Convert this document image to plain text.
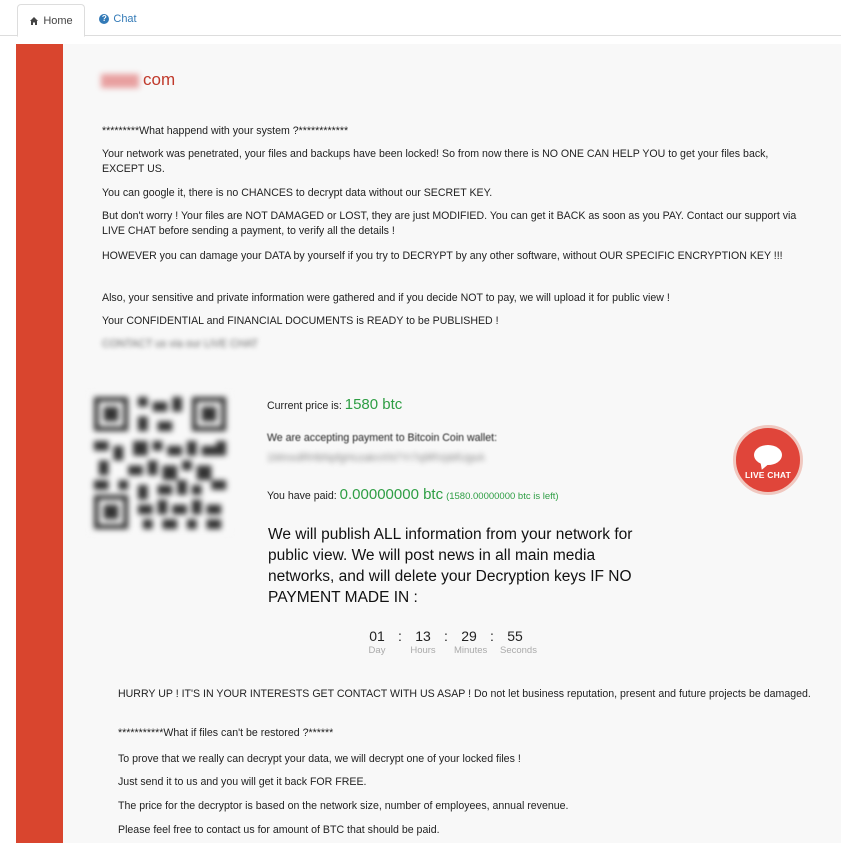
Home	? Chat
com
*********What happend with your system ?************
Your network was penetrated, your files and backups have been locked! So from now there is NO ONE CAN HELP YOU to get your files back, EXCEPT US.
You can google it, there is no CHANCES to decrypt data without our SECRET KEY.
But don't worry ! Your files are NOT DAMAGED or LOST, they are just MODIFIED. You can get it BACK as soon as you PAY. Contact our support via LIVE CHAT before sending a payment, to verify all the details !
HOWEVER you can damage your DATA by yourself if you try to DECRYPT by any other software, without OUR SPECIFIC ENCRYPTION KEY !!!
Also, your sensitive and private information were gathered and if you decide NOT to pay, we will upload it for public view !
Your CONFIDENTIAL and FINANCIAL DOCUMENTS is READY to be PUBLISHED !
CONTACT us via our LIVE CHAT
Current price is: 1580 btc
We are accepting payment to Bitcoin Coin wallet:
1MmxdRHbNpfgHczaknXN7Yr7q9RVpbfUgsA
You have paid: 0.00000000 btc (1580.00000000 btc is left)
We will publish ALL information from your network for public view. We will post news in all main media networks, and will delete your Decryption keys IF NO PAYMENT MADE IN :
01 : 13 : 29 : 55
Day	Hours Minutes Seconds
LIVE CHAT
HURRY UP ! IT'S IN YOUR INTERESTS GET CONTACT WITH US ASAP ! Do not let business reputation, present and future projects be damaged.
***********What if files can't be restored ?******
To prove that we really can decrypt your data, we will decrypt one of your locked files !
Just send it to us and you will get it back FOR FREE.
The price for the decryptor is based on the network size, number of employees, annual revenue.
Please feel free to contact us for amount of BTC that should be paid.
